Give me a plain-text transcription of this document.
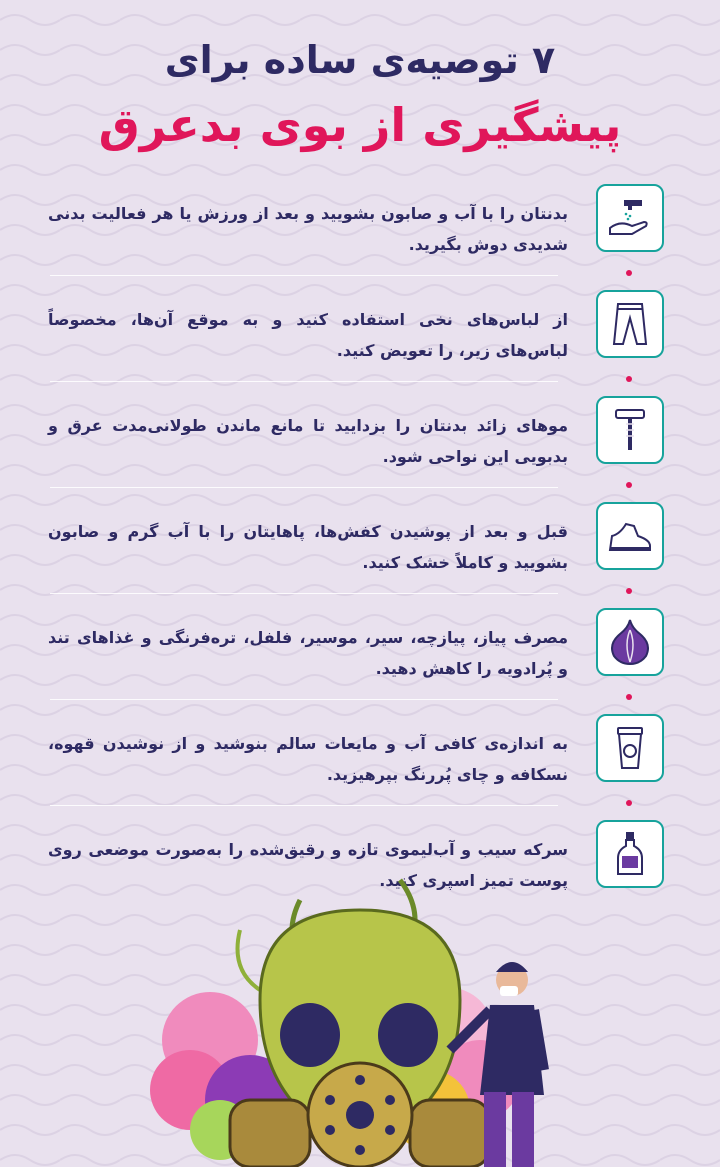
۷ توصیه‌ی ساده برای
پیشگیری از بوی بدعرق
بدنتان را با آب و صابون بشویید و بعد از ورزش یا هر فعالیت بدنی شدیدی دوش بگیرید.
از لباس‌های نخی استفاده کنید و به موقع آن‌ها، مخصوصاً لباس‌های زیر، را تعویض کنید.
موهای زائد بدنتان را بزدایید تا مانع ماندن طولانی‌مدت عرق و بدبویی این نواحی شود.
قبل و بعد از پوشیدن کفش‌ها، پاهایتان را با آب گرم و صابون بشویید و کاملاً خشک کنید.
مصرف پیاز، پیازچه، سیر، موسیر، فلفل، تره‌فرنگی و غذاهای تند و پُرادویه را کاهش دهید.
به اندازه‌ی کافی آب و مایعات سالم بنوشید و از نوشیدن قهوه، نسکافه و چای پُررنگ بپرهیزید.
سرکه سیب و آب‌لیموی تازه و رقیق‌شده را به‌صورت موضعی روی پوست تمیز اسپری کنید.
